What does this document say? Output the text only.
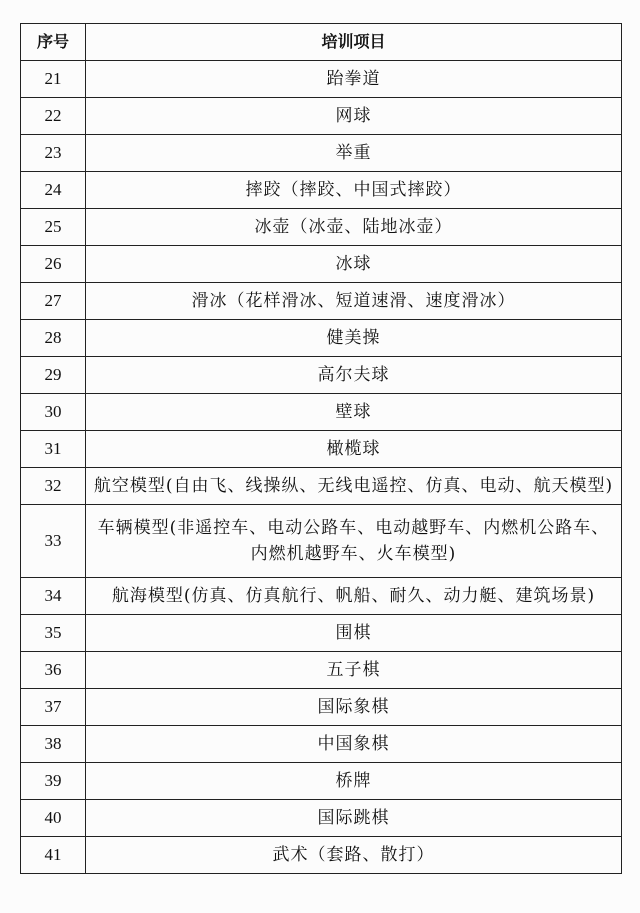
序号	培训项目
21	跆拳道
22	网球
23	举重
24	摔跤（摔跤、中国式摔跤）
25	冰壶（冰壶、陆地冰壶）
26	冰球
27	滑冰（花样滑冰、短道速滑、速度滑冰）
28	健美操
29	高尔夫球
30	壁球
31	橄榄球
32	航空模型(自由飞、线操纵、无线电遥控、仿真、电动、航天模型)
33	车辆模型(非遥控车、电动公路车、电动越野车、内燃机公路车、
内燃机越野车、火车模型)
34	航海模型(仿真、仿真航行、帆船、耐久、动力艇、建筑场景)
35	围棋
36	五子棋
37	国际象棋
38	中国象棋
39	桥牌
40	国际跳棋
41	武术（套路、散打）
